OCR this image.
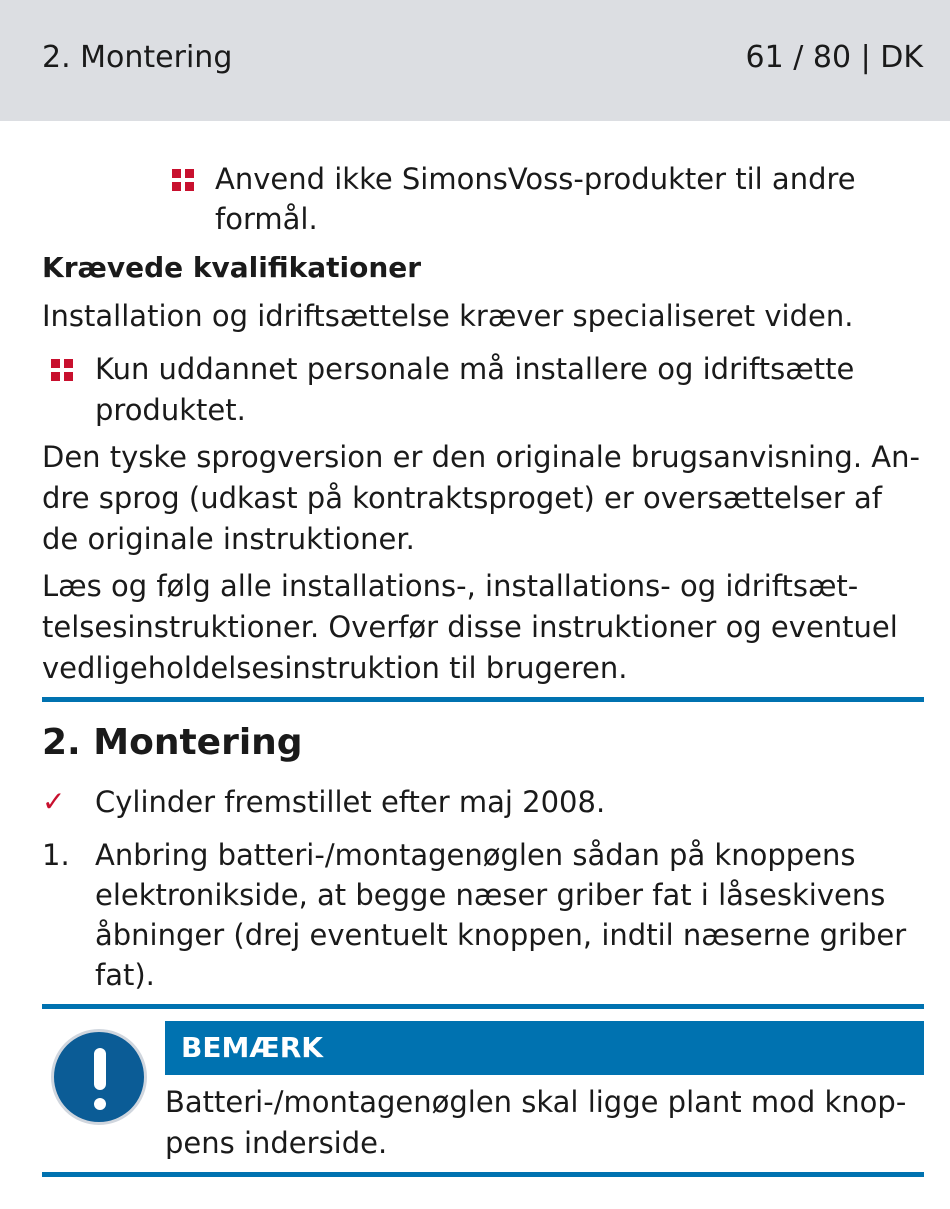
2. Montering	61 / 80 | DK
Anvend ikke SimonsVoss-produkter til andre
formål.
Krævede kvalifikationer
Installation og idriftsættelse kræver specialiseret viden.
Kun uddannet personale må installere og idriftsætte
produktet.
Den tyske sprogversion er den originale brugsanvisning. An-
dre sprog (udkast på kontraktsproget) er oversættelser af
de originale instruktioner.
Læs og følg alle installations-, installations- og idriftsæt-
telsesinstruktioner. Overfør disse instruktioner og eventuel
vedligeholdelsesinstruktion til brugeren.
2. Montering
✓ Cylinder fremstillet efter maj 2008.
1. Anbring batteri-/montagenøglen sådan på knoppens
elektronikside, at begge næser griber fat i låseskivens
åbninger (drej eventuelt knoppen, indtil næserne griber
fat).
BEMÆRK
Batteri-/montagenøglen skal ligge plant mod knop-
pens inderside.
